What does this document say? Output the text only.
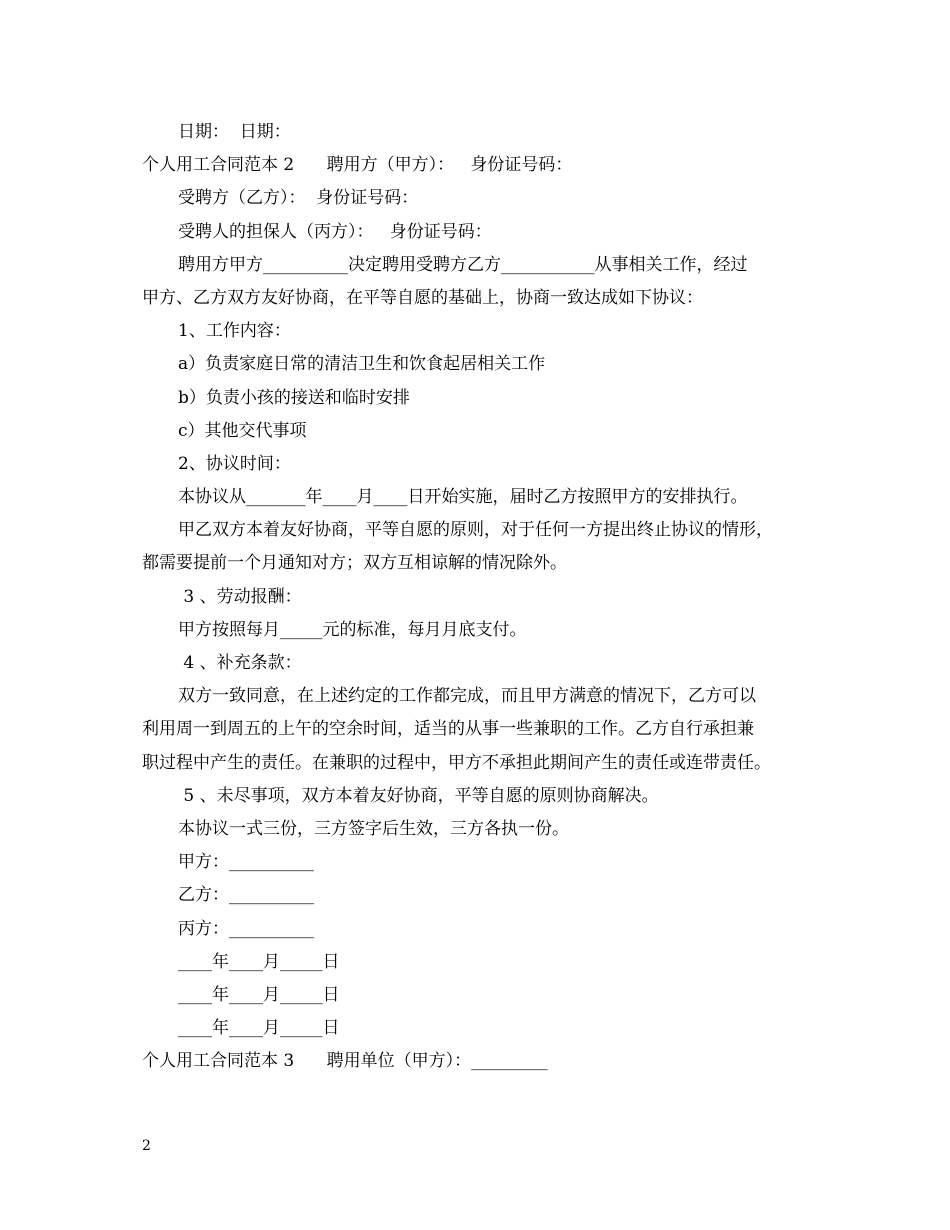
日期：  日期：
个人用工合同范本 2      聘用方（甲方）：   身份证号码：
受聘方（乙方）：  身份证号码：
受聘人的担保人（丙方）：   身份证号码：
聘用方甲方__________决定聘用受聘方乙方___________从事相关工作，经过
甲方、乙方双方友好协商，在平等自愿的基础上，协商一致达成如下协议：
1、工作内容：
a）负责家庭日常的清洁卫生和饮食起居相关工作
b）负责小孩的接送和临时安排
c）其他交代事项
2、协议时间：
本协议从_______年____月____日开始实施，届时乙方按照甲方的安排执行。
甲乙双方本着友好协商，平等自愿的原则，对于任何一方提出终止协议的情形，
都需要提前一个月通知对方；双方互相谅解的情况除外。
3 、劳动报酬：
甲方按照每月_____元的标准，每月月底支付。
4 、补充条款：
双方一致同意，在上述约定的工作都完成，而且甲方满意的情况下，乙方可以
利用周一到周五的上午的空余时间，适当的从事一些兼职的工作。乙方自行承担兼
职过程中产生的责任。在兼职的过程中，甲方不承担此期间产生的责任或连带责任。
5 、未尽事项，双方本着友好协商，平等自愿的原则协商解决。
本协议一式三份，三方签字后生效，三方各执一份。
甲方：__________
乙方：__________
丙方：__________
____年____月_____日
____年____月_____日
____年____月_____日
个人用工合同范本 3      聘用单位（甲方）：_________
2
